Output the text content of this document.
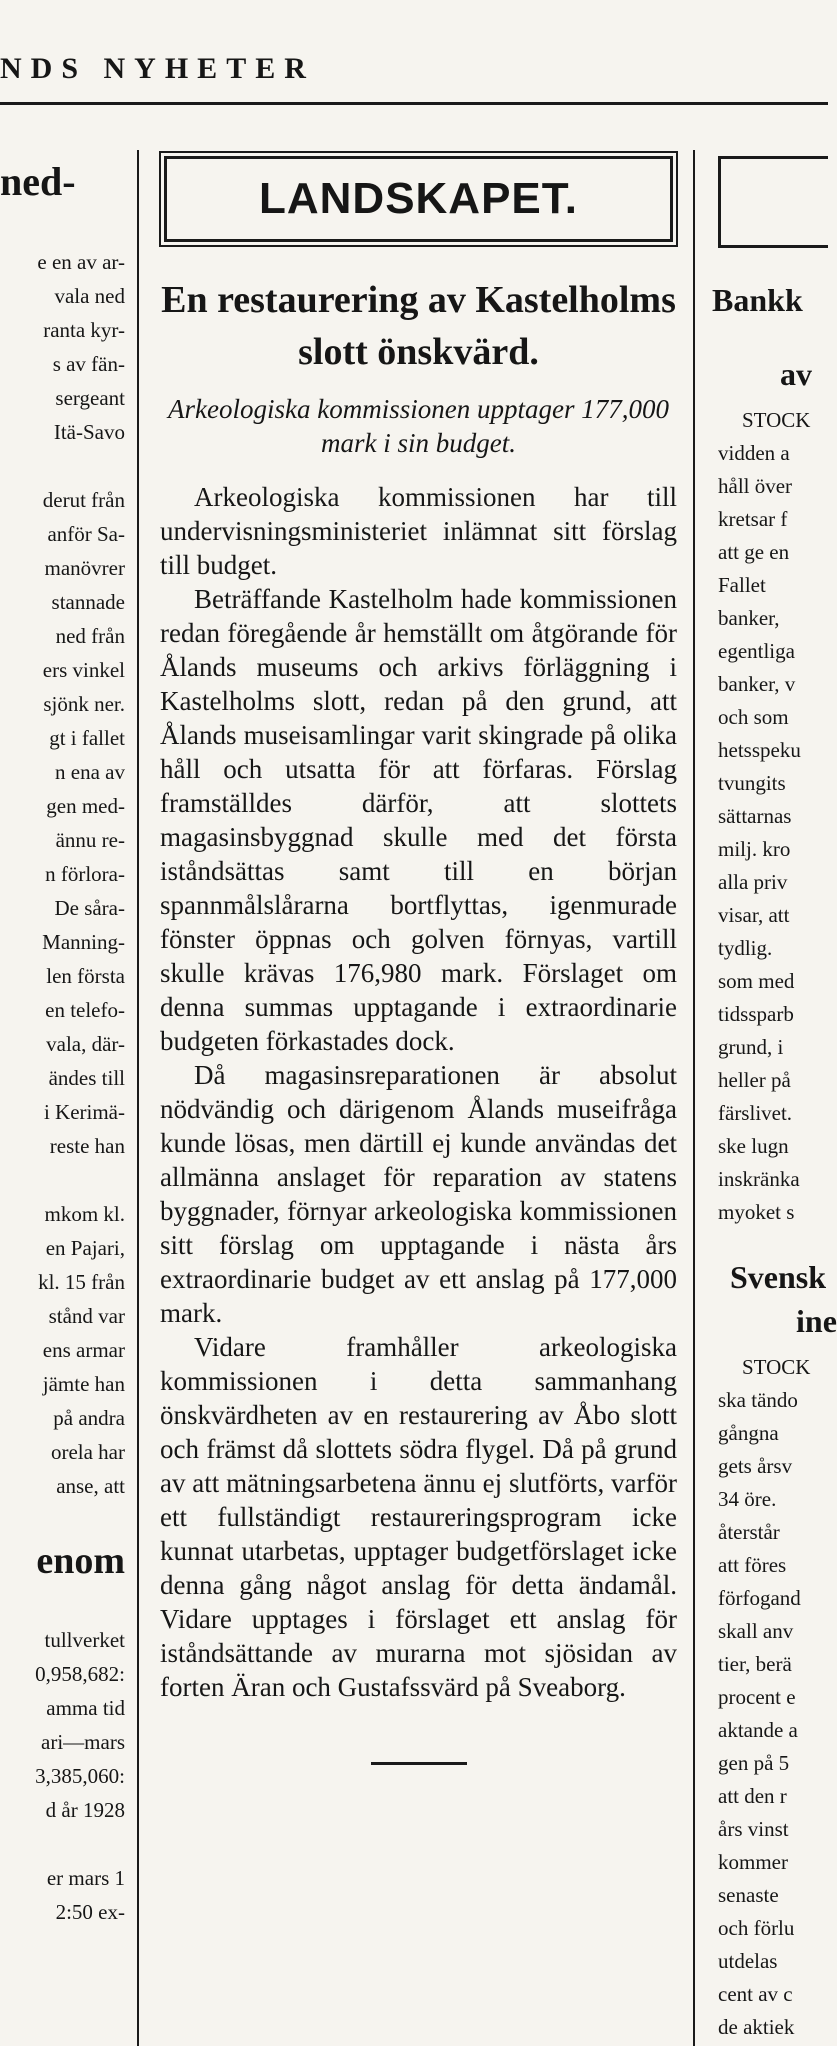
NDS NYHETER
ned-
e en av ar-
vala ned
ranta kyr-
s av fän-
sergeant
Itä-Savo

derut från
anför Sa-
manövrer
stannade
ned från
ers vinkel
sjönk ner.
gt i fallet
n ena av
gen med-
ännu re-
n förlora-
De såra-
Manning-
len första
en telefo-
vala, där-
ändes till
i Kerimä-
reste han

mkom kl.
en Pajari,
kl. 15 från
stånd var
ens armar
jämte han
på andra
orela har
anse, att
enom
tullverket
0,958,682:
amma tid
ari—mars
3,385,060:
d år 1928

er mars 1
2:50 ex-
LANDSKAPET.
En restaurering av Kastelholms slott önskvärd.
Arkeologiska kommissionen upptager 177,000 mark i sin budget.

Arkeologiska kommissionen har till undervisningsministeriet inlämnat sitt förslag till budget.

Beträffande Kastelholm hade kommissionen redan föregående år hemställt om åtgörande för Ålands museums och arkivs förläggning i Kastelholms slott, redan på den grund, att Ålands museisamlingar varit skingrade på olika håll och utsatta för att förfaras. Förslag framställdes därför, att slottets magasinsbyggnad skulle med det första iståndsättas samt till en början spannmålslårarna bortflyttas, igenmurade fönster öppnas och golven förnyas, vartill skulle krävas 176,980 mark. Förslaget om denna summas upptagande i extraordinarie budgeten förkastades dock.

Då magasinsreparationen är absolut nödvändig och därigenom Ålands museifråga kunde lösas, men därtill ej kunde användas det allmänna anslaget för reparation av statens byggnader, förnyar arkeologiska kommissionen sitt förslag om upptagande i nästa års extraordinarie budget av ett anslag på 177,000 mark.

Vidare framhåller arkeologiska kommissionen i detta sammanhang önskvärdheten av en restaurering av Åbo slott och främst då slottets södra flygel. Då på grund av att mätningsarbetena ännu ej slutförts, varför ett fullständigt restaureringsprogram icke kunnat utarbetas, upptager budgetförslaget icke denna gång något anslag för detta ändamål. Vidare upptages i förslaget ett anslag för iståndsättande av murarna mot sjösidan av forten Äran och Gustafssvärd på Sveaborg.

Bankk
av
STOCK
vidden a
håll över
kretsar f
att ge en
Fallet
banker,
egentliga
banker, v
och som
hetsspeku
tvungits
sättarnas
milj. kro
alla priv
visar, att
tydlig.
som med
tidssparb
grund, i
heller på
färslivet.
ske lugn
inskränka
myoket s
Svensk
ine
STOCK
ska tändo
gångna
gets årsv
34 öre.
återstår
att föres
förfogand
skall anv
tier, berä
procent e
aktande a
gen på 5
att den r
års vinst
kommer
senaste
och förlu
utdelas
cent av c
de aktiek
